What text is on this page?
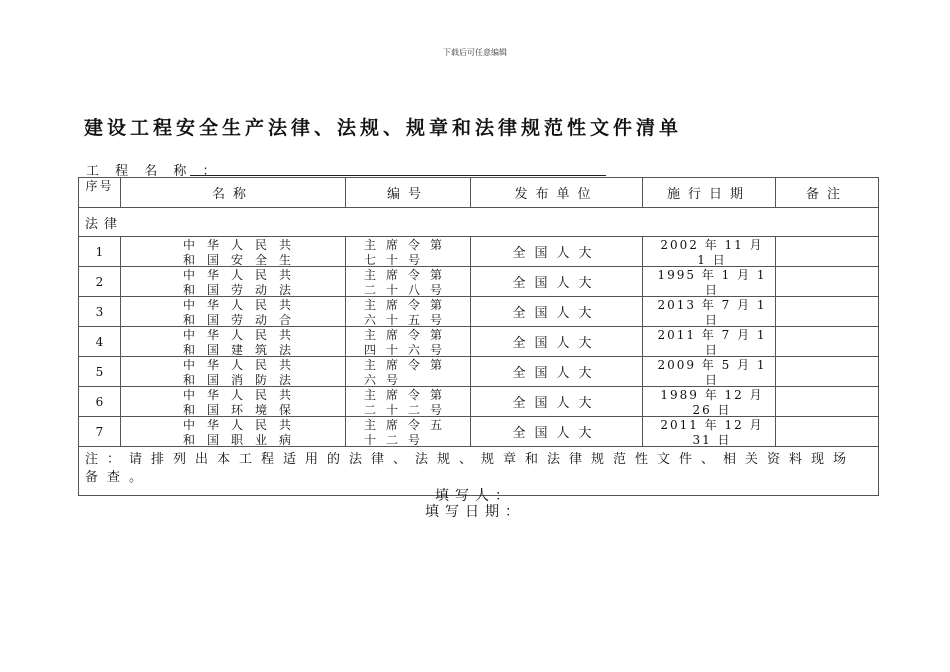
下载后可任意编辑
建设工程安全生产法律、法规、规章和法律规范性文件清单
工 程 名 称 ：
序号	名称	编号	发布单位	施行日期	备注
法律					
1	中华人民共和国安全生	主席令第七十号	全国人大	2002 年 11 月 1 日	

2	中华人民共和国劳动法	主席令第二十八号	全国人大	1995 年 1 月 1 日	

3	中华人民共和国劳动合	主席令第六十五号	全国人大	2013 年 7 月 1 日	

4	中华人民共和国建筑法	主席令第四十六号	全国人大	2011 年 7 月 1 日	

5	中华人民共和国消防法	主席令第六号	全国人大	2009 年 5 月 1 日	

6	中华人民共和国环境保	主席令第二十二号	全国人大	1989 年 12 月 26 日	

7	中华人民共和国职业病	主席令五十二号	全国人大	2011 年 12 月 31 日	

注：请排列出本工程适用的法律、法规、规章和法律规范性文件、相关资料现场备查。					
填写人：
填写日期：
